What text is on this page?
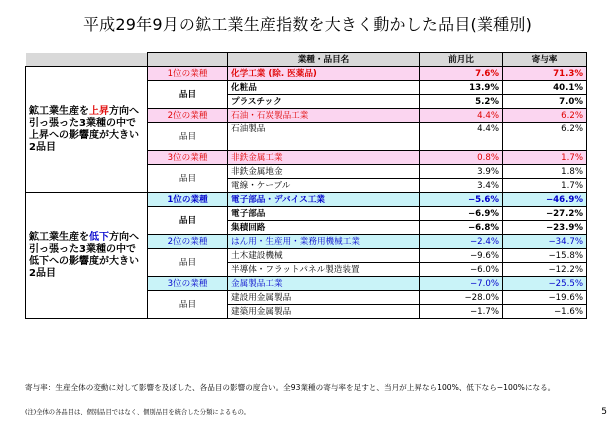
平成29年9月の鉱工業生産指数を大きく動かした品目(業種別)
		業種・品目名	前月比	寄与率
鉱工業生産を上昇方向へ引っ張った3業種の中で上昇への影響度が大きい2品目	1位の業種	化学工業 (除. 医薬品)	7.6%	71.3%
	品目	化粧品	13.9%	40.1%
		プラスチック	5.2%	7.0%
	2位の業種	石油・石炭製品工業	4.4%	6.2%
	品目	石油製品	4.4%	6.2%
	3位の業種	非鉄金属工業	0.8%	1.7%
	品目	非鉄金属地金	3.9%	1.8%
		電線・ケーブル	3.4%	1.7%
鉱工業生産を低下方向へ引っ張った3業種の中で低下への影響度が大きい2品目	1位の業種	電子部品・デバイス工業	−5.6%	−46.9%
	品目	電子部品	−6.9%	−27.2%
		集積回路	−6.8%	−23.9%
	2位の業種	はん用・生産用・業務用機械工業	−2.4%	−34.7%
	品目	土木建設機械	−9.6%	−15.8%
		半導体・フラットパネル製造装置	−6.0%	−12.2%
	3位の業種	金属製品工業	−7.0%	−25.5%
	品目	建設用金属製品	−28.0%	−19.6%
		建築用金属製品	−1.7%	−1.6%
寄与率：生産全体の変動に対して影響を及ぼした、各品目の影響の度合い。全93業種の寄与率を足すと、当月が上昇なら100%、低下なら−100%になる。
(注)全体の各品目は、個別品目ではなく、個別品目を統合した分類によるもの。	5
